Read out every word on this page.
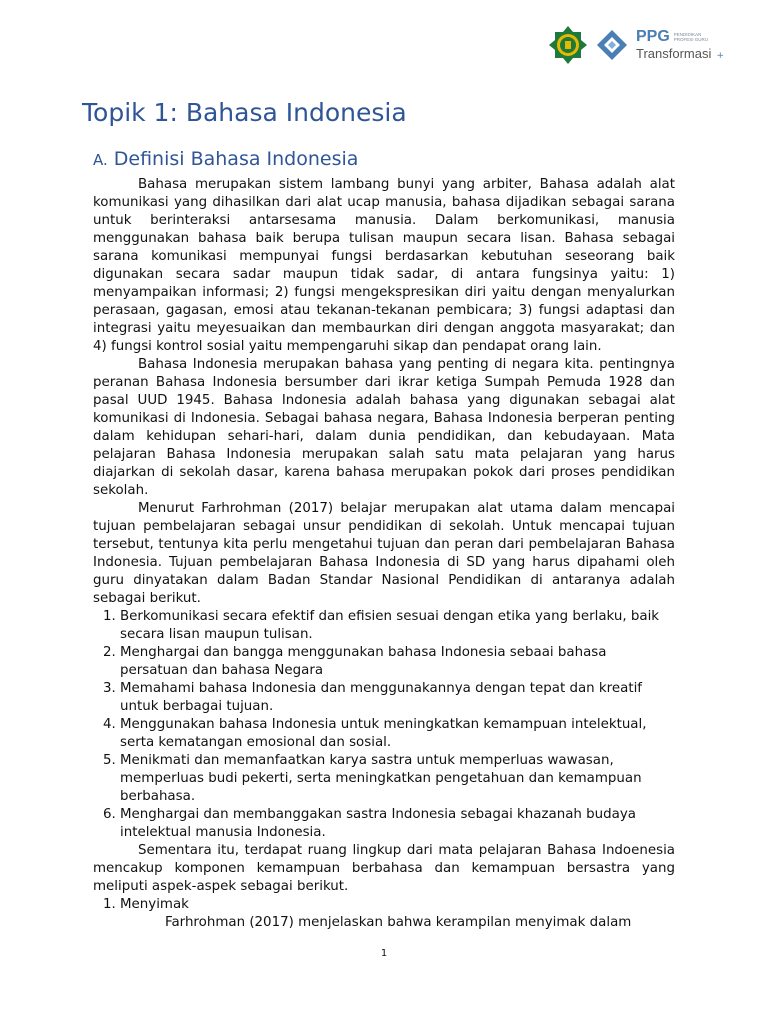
PPG PENDIDIKAN PROFESI GURU
Transformasi +
Topik 1: Bahasa Indonesia
A. Definisi Bahasa Indonesia

Bahasa merupakan sistem lambang bunyi yang arbiter, Bahasa adalah alat komunikasi yang dihasilkan dari alat ucap manusia, bahasa dijadikan sebagai sarana untuk berinteraksi antarsesama manusia. Dalam berkomunikasi, manusia menggunakan bahasa baik berupa tulisan maupun secara lisan. Bahasa sebagai sarana komunikasi mempunyai fungsi berdasarkan kebutuhan seseorang baik digunakan secara sadar maupun tidak sadar, di antara fungsinya yaitu: 1) menyampaikan informasi; 2) fungsi mengekspresikan diri yaitu dengan menyalurkan perasaan, gagasan, emosi atau tekanan-tekanan pembicara; 3) fungsi adaptasi dan integrasi yaitu meyesuaikan dan membaurkan diri dengan anggota masyarakat; dan 4) fungsi kontrol sosial yaitu mempengaruhi sikap dan pendapat orang lain.

Bahasa Indonesia merupakan bahasa yang penting di negara kita. pentingnya peranan Bahasa Indonesia bersumber dari ikrar ketiga Sumpah Pemuda 1928 dan pasal UUD 1945. Bahasa Indonesia adalah bahasa yang digunakan sebagai alat komunikasi di Indonesia. Sebagai bahasa negara, Bahasa Indonesia berperan penting dalam kehidupan sehari-hari, dalam dunia pendidikan, dan kebudayaan. Mata pelajaran Bahasa Indonesia merupakan salah satu mata pelajaran yang harus diajarkan di sekolah dasar, karena bahasa merupakan pokok dari proses pendidikan sekolah.

Menurut Farhrohman (2017) belajar merupakan alat utama dalam mencapai tujuan pembelajaran sebagai unsur pendidikan di sekolah. Untuk mencapai tujuan tersebut, tentunya kita perlu mengetahui tujuan dan peran dari pembelajaran Bahasa Indonesia. Tujuan pembelajaran Bahasa Indonesia di SD yang harus dipahami oleh guru dinyatakan dalam Badan Standar Nasional Pendidikan di antaranya adalah sebagai berikut.

1. Berkomunikasi secara efektif dan efisien sesuai dengan etika yang berlaku, baik secara lisan maupun tulisan.
2. Menghargai dan bangga menggunakan bahasa Indonesia sebaai bahasa persatuan dan bahasa Negara
3. Memahami bahasa Indonesia dan menggunakannya dengan tepat dan kreatif untuk berbagai tujuan.
4. Menggunakan bahasa Indonesia untuk meningkatkan kemampuan intelektual, serta kematangan emosional dan sosial.
5. Menikmati dan memanfaatkan karya sastra untuk memperluas wawasan, memperluas budi pekerti, serta meningkatkan pengetahuan dan kemampuan berbahasa.
6. Menghargai dan membanggakan sastra Indonesia sebagai khazanah budaya intelektual manusia Indonesia.

Sementara itu, terdapat ruang lingkup dari mata pelajaran Bahasa Indoenesia mencakup komponen kemampuan berbahasa dan kemampuan bersastra yang meliputi aspek-aspek sebagai berikut.

1. Menyimak

Farhrohman (2017) menjelaskan bahwa kerampilan menyimak dalam

1
